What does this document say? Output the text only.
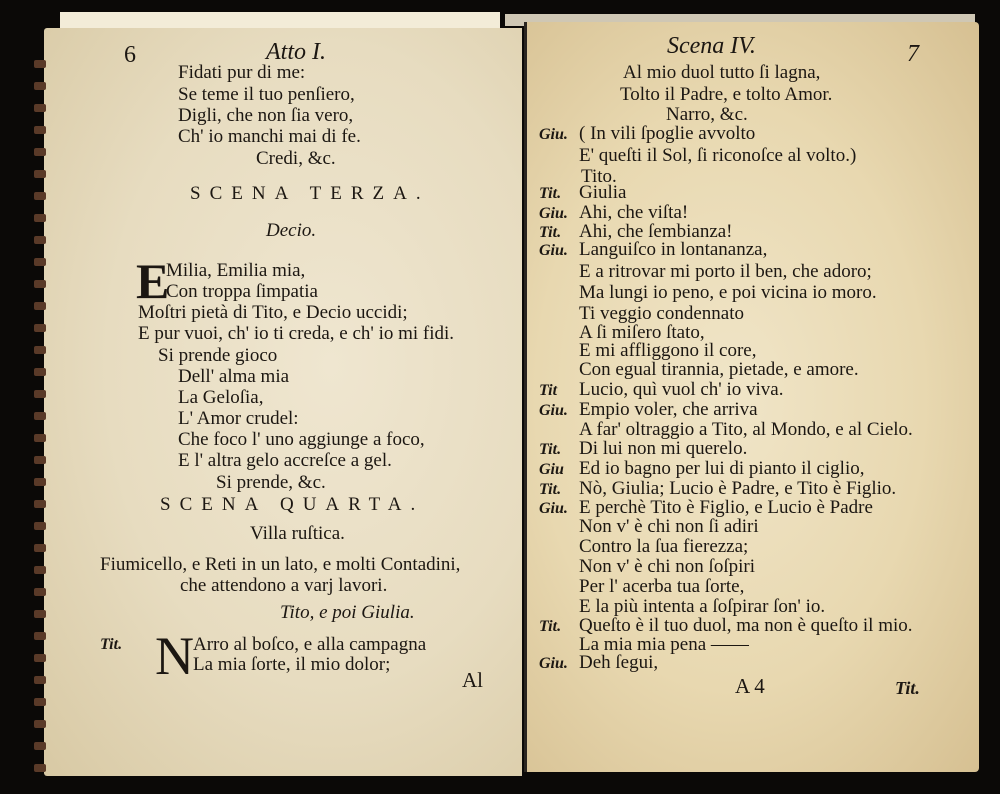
6	Atto I.
E
Tit. N	Al
Fidati pur di me:
Se teme il tuo penſiero,
Digli, che non ſia vero,
Ch' io manchi mai di fe.
Credi, &c.
SCENA TERZA.
Decio.
Milia, Emilia mia,
Con troppa ſimpatia
Moſtri pietà di Tito, e Decio uccidi;
E pur vuoi, ch' io ti creda, e ch' io mi fidi.
Si prende gioco
Dell' alma mia
La Geloſia,
L' Amor crudel:
Che foco l' uno aggiunge a foco,
E l' altra gelo accreſce a gel.
Si prende, &c.
SCENA QUARTA.
Villa ruſtica.
Fiumicello, e Reti in un lato, e molti Contadini,
che attendono a varj lavori.
Tito, e poi Giulia.
Arro al boſco, e alla campagna
La mia ſorte, il mio dolor;
Scena IV.	7
A 4	Tit.
Al mio duol tutto ſi lagna,
Tolto il Padre, e tolto Amor.
Narro, &c.
Giu. ( In vili ſpoglie avvolto
E' queſti il Sol, ſi riconoſce al volto.)
Tito.
Tit. Giulia
Giu. Ahi, che viſta!
Tit. Ahi, che ſembianza!
Giu. Languiſco in lontananza,
E a ritrovar mi porto il ben, che adoro;
Ma lungi io peno, e poi vicina io moro.
Ti veggio condennato
A ſi miſero ſtato,
E mi affliggono il core,
Con egual tirannia, pietade, e amore.
Tit Lucio, quì vuol ch' io viva.
Giu. Empio voler, che arriva
A far' oltraggio a Tito, al Mondo, e al Cielo.
Tit. Di lui non mi querelo.
Giu Ed io bagno per lui di pianto il ciglio,
Tit. Nò, Giulia; Lucio è Padre, e Tito è Figlio.
Giu. E perchè Tito è Figlio, e Lucio è Padre
Non v' è chi non ſi adiri
Contro la ſua fierezza;
Non v' è chi non ſoſpiri
Per l' acerba tua ſorte,
E la più intenta a ſoſpirar ſon' io.
Tit. Queſto è il tuo duol, ma non è queſto il mio.
La mia mia pena ——
Giu. Deh ſegui,
